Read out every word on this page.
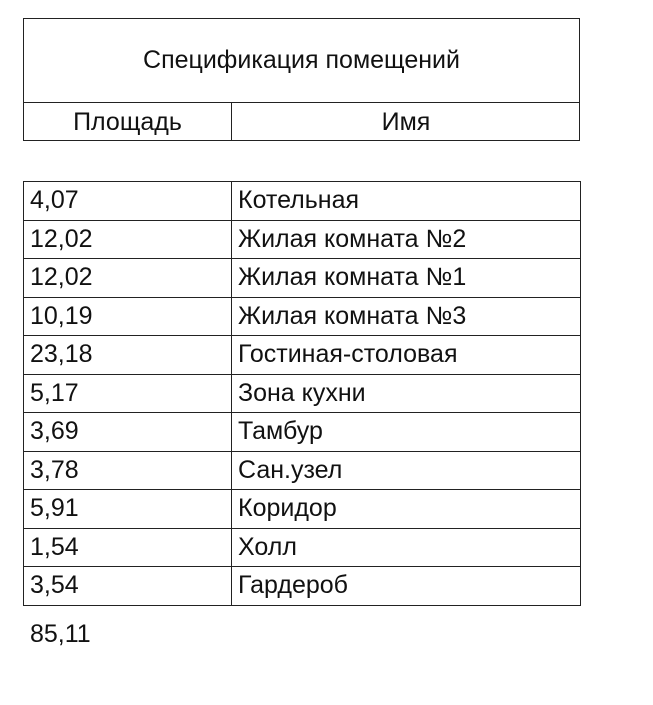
Спецификация помещений
Площадь	Имя
4,07	Котельная
12,02	Жилая комната №2
12,02	Жилая комната №1
10,19	Жилая комната №3
23,18	Гостиная-столовая
5,17	Зона кухни
3,69	Тамбур
3,78	Сан.узел
5,91	Коридор
1,54	Холл
3,54	Гардероб
85,11
